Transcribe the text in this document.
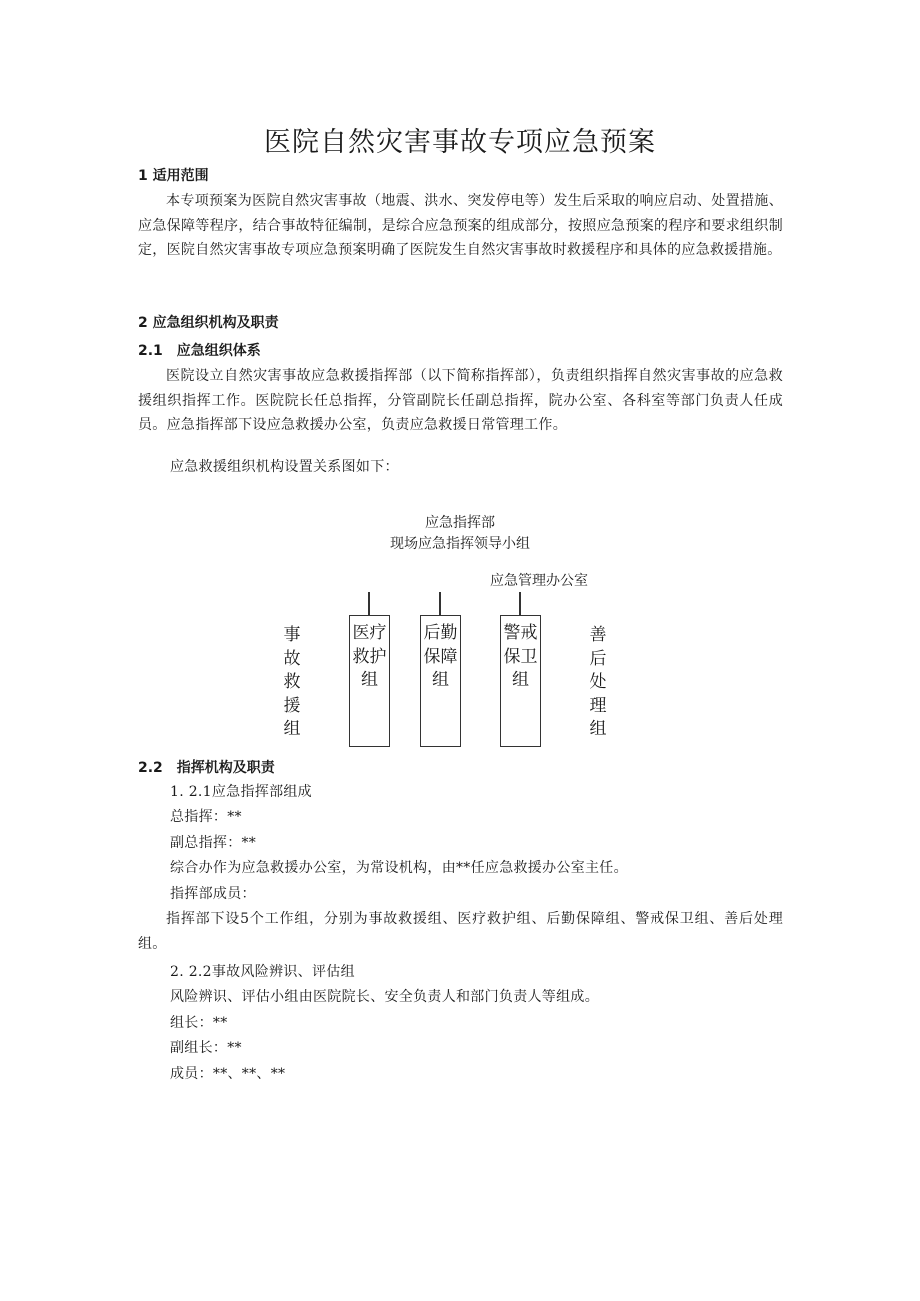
医院自然灾害事故专项应急预案
1 适用范围
本专项预案为医院自然灾害事故（地震、洪水、突发停电等）发生后采取的响应启动、处置措施、应急保障等程序，结合事故特征编制，是综合应急预案的组成部分，按照应急预案的程序和要求组织制定，医院自然灾害事故专项应急预案明确了医院发生自然灾害事故时救援程序和具体的应急救援措施。
2 应急组织机构及职责
2.1　应急组织体系
医院设立自然灾害事故应急救援指挥部（以下简称指挥部），负责组织指挥自然灾害事故的应急救援组织指挥工作。医院院长任总指挥，分管副院长任副总指挥，院办公室、各科室等部门负责人任成员。应急指挥部下设应急救援办公室，负责应急救援日常管理工作。
应急救援组织机构设置关系图如下：
应急指挥部
现场应急指挥领导小组
应急管理办公室
事故救援组
医疗救护组
后勤保障组
警戒保卫组
善后处理组
2.2　指挥机构及职责
1. 2.1应急指挥部组成
总指挥：**
副总指挥：**
综合办作为应急救援办公室，为常设机构，由**任应急救援办公室主任。
指挥部成员：
指挥部下设5个工作组，分别为事故救援组、医疗救护组、后勤保障组、警戒保卫组、善后处理组。
2. 2.2事故风险辨识、评估组
风险辨识、评估小组由医院院长、安全负责人和部门负责人等组成。
组长：**
副组长：**
成员：**、**、**
